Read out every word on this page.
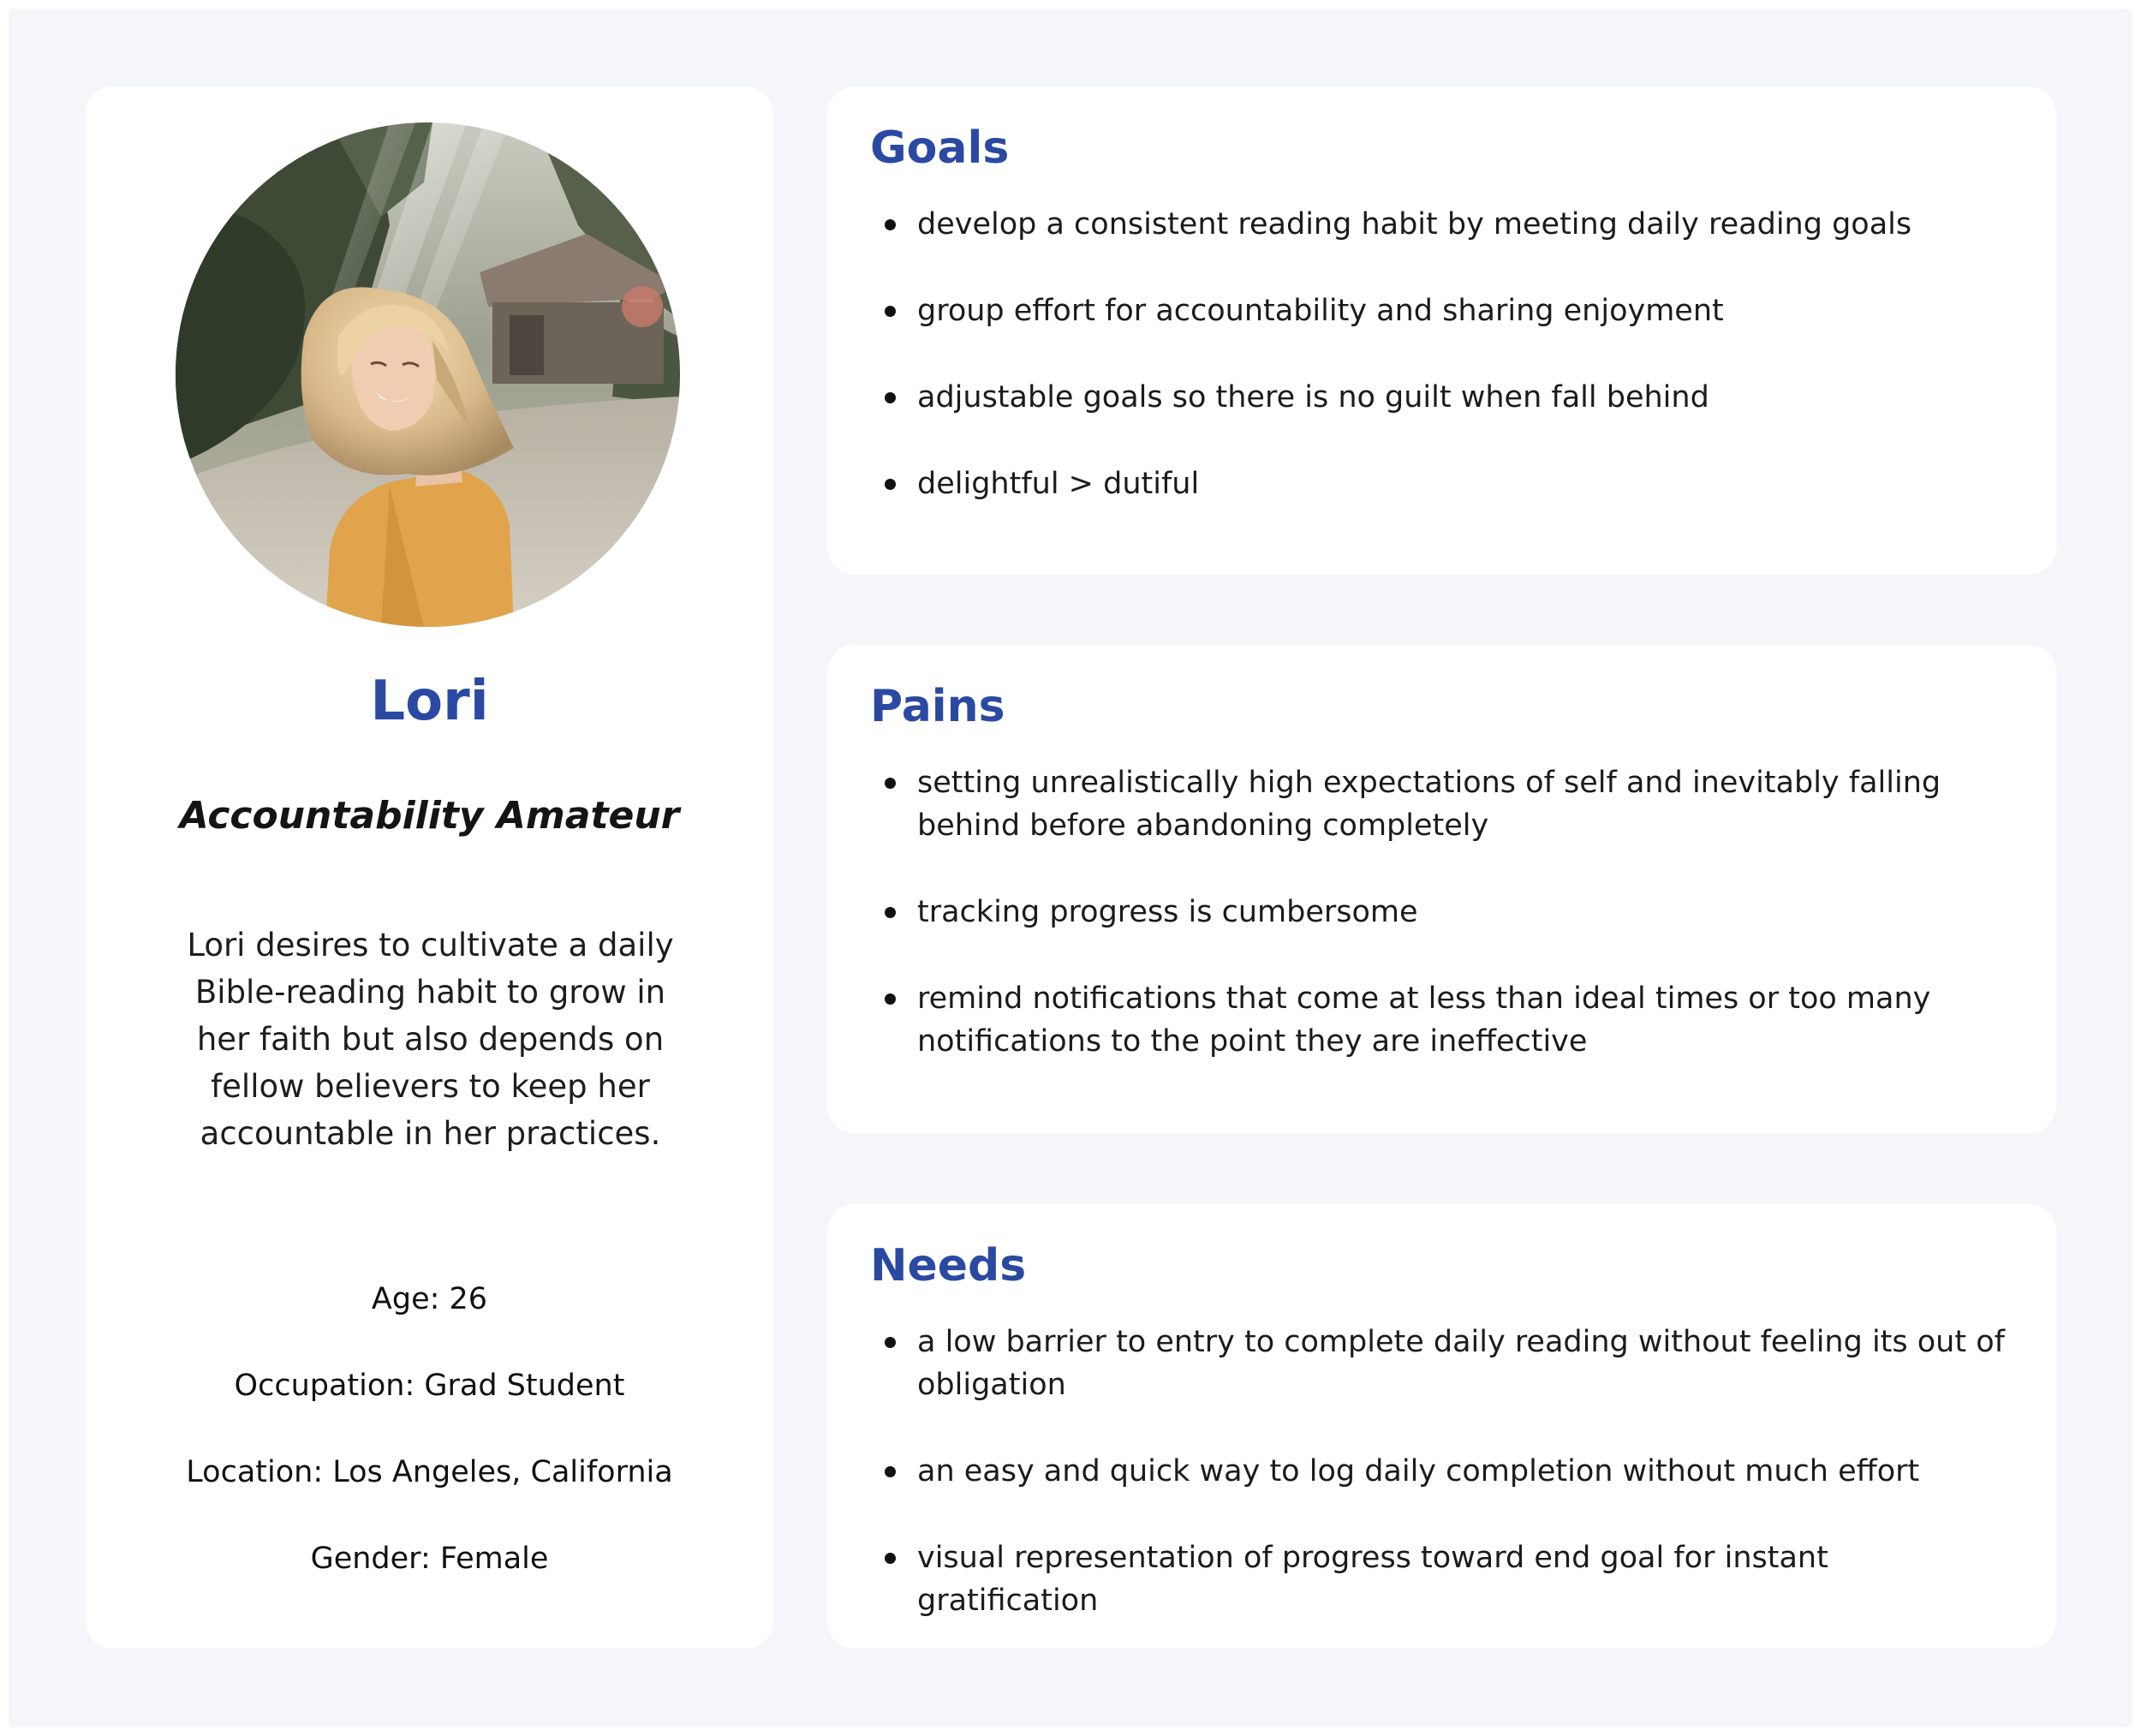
Lori
Accountability Amateur
Lori desires to cultivate a daily Bible-reading habit to grow in her faith but also depends on fellow believers to keep her accountable in her practices.
Age: 26
Occupation: Grad Student
Location: Los Angeles, California
Gender: Female
Goals
develop a consistent reading habit by meeting daily reading goals
group effort for accountability and sharing enjoyment
adjustable goals so there is no guilt when fall behind
delightful > dutiful
Pains
setting unrealistically high expectations of self and inevitably falling behind before abandoning completely
tracking progress is cumbersome
remind notifications that come at less than ideal times or too many notifications to the point they are ineffective
Needs
a low barrier to entry to complete daily reading without feeling its out of obligation
an easy and quick way to log daily completion without much effort
visual representation of progress toward end goal for instant gratification
